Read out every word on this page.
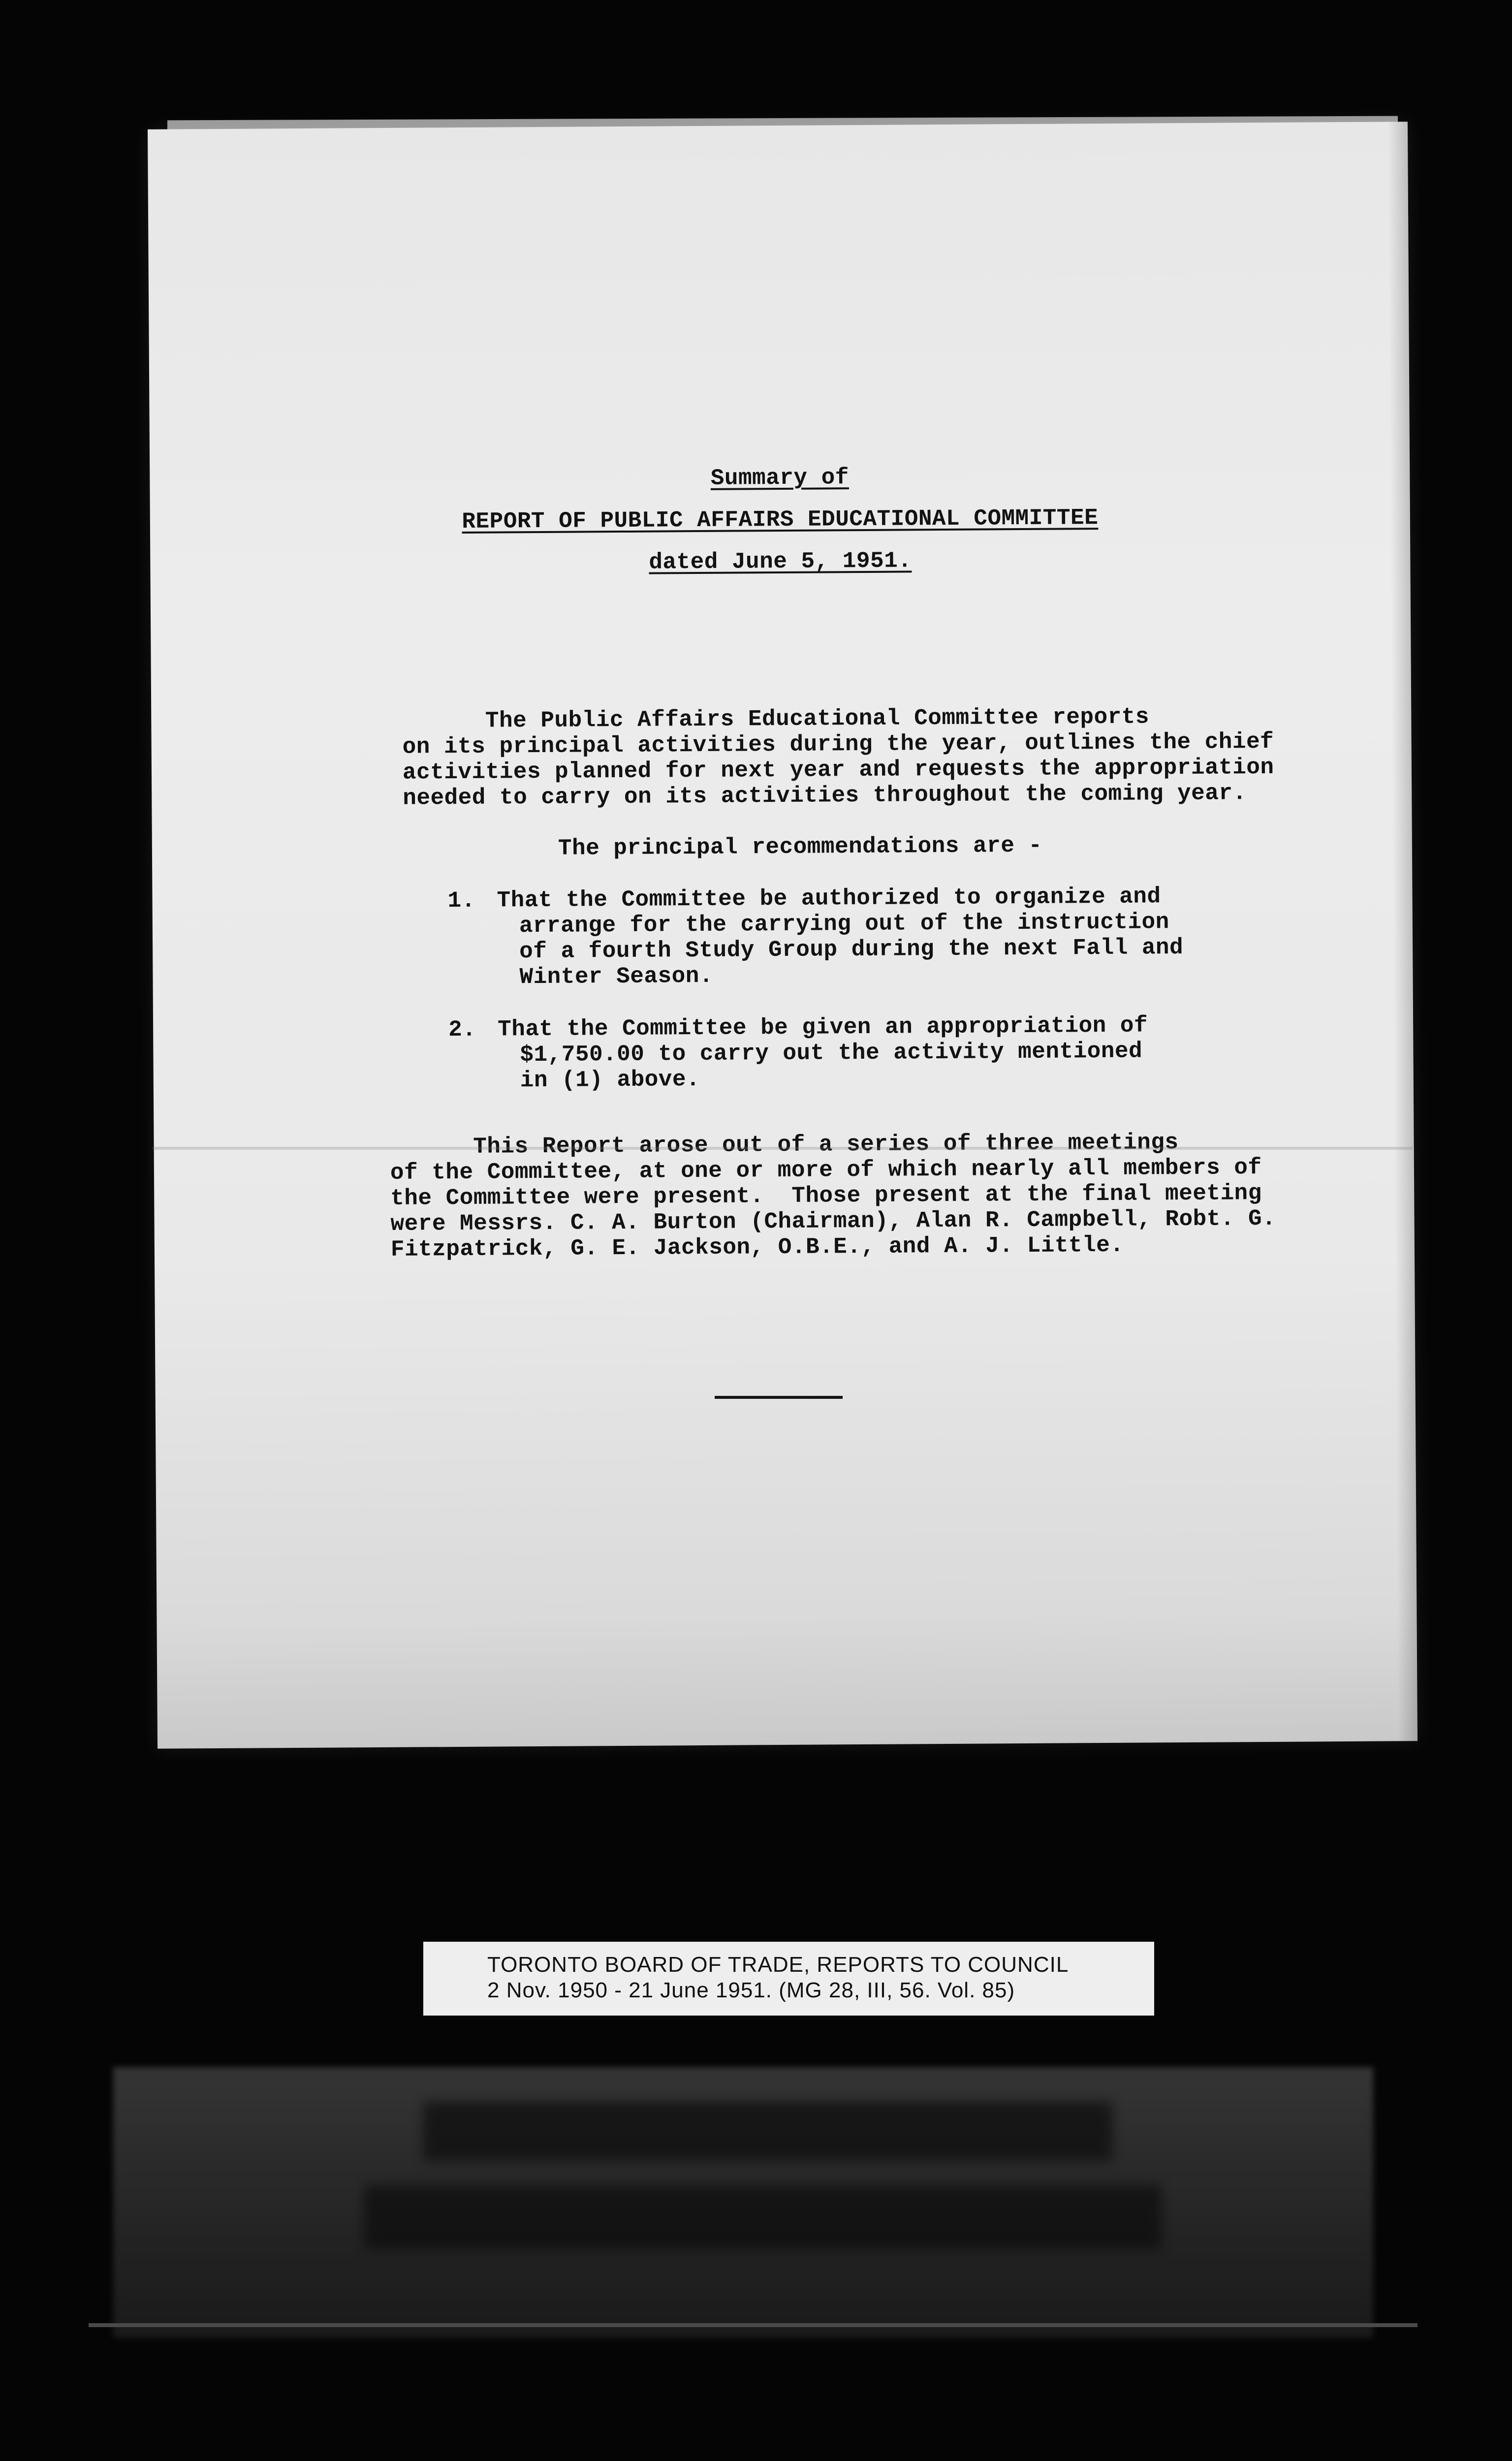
Summary of
REPORT OF PUBLIC AFFAIRS EDUCATIONAL COMMITTEE
dated June 5, 1951.
The Public Affairs Educational Committee reports
on its principal activities during the year, outlines the chief
activities planned for next year and requests the appropriation
needed to carry on its activities throughout the coming year.
The principal recommendations are -
1. That the Committee be authorized to organize and
arrange for the carrying out of the instruction
of a fourth Study Group during the next Fall and
Winter Season.
2. That the Committee be given an appropriation of
$1,750.00 to carry out the activity mentioned
in (1) above.
This Report arose out of a series of three meetings
of the Committee, at one or more of which nearly all members of
the Committee were present.  Those present at the final meeting
were Messrs. C. A. Burton (Chairman), Alan R. Campbell, Robt. G.
Fitzpatrick, G. E. Jackson, O.B.E., and A. J. Little.
TORONTO BOARD OF TRADE, REPORTS TO COUNCIL
2 Nov. 1950 - 21 June 1951. (MG 28, III, 56. Vol. 85)
